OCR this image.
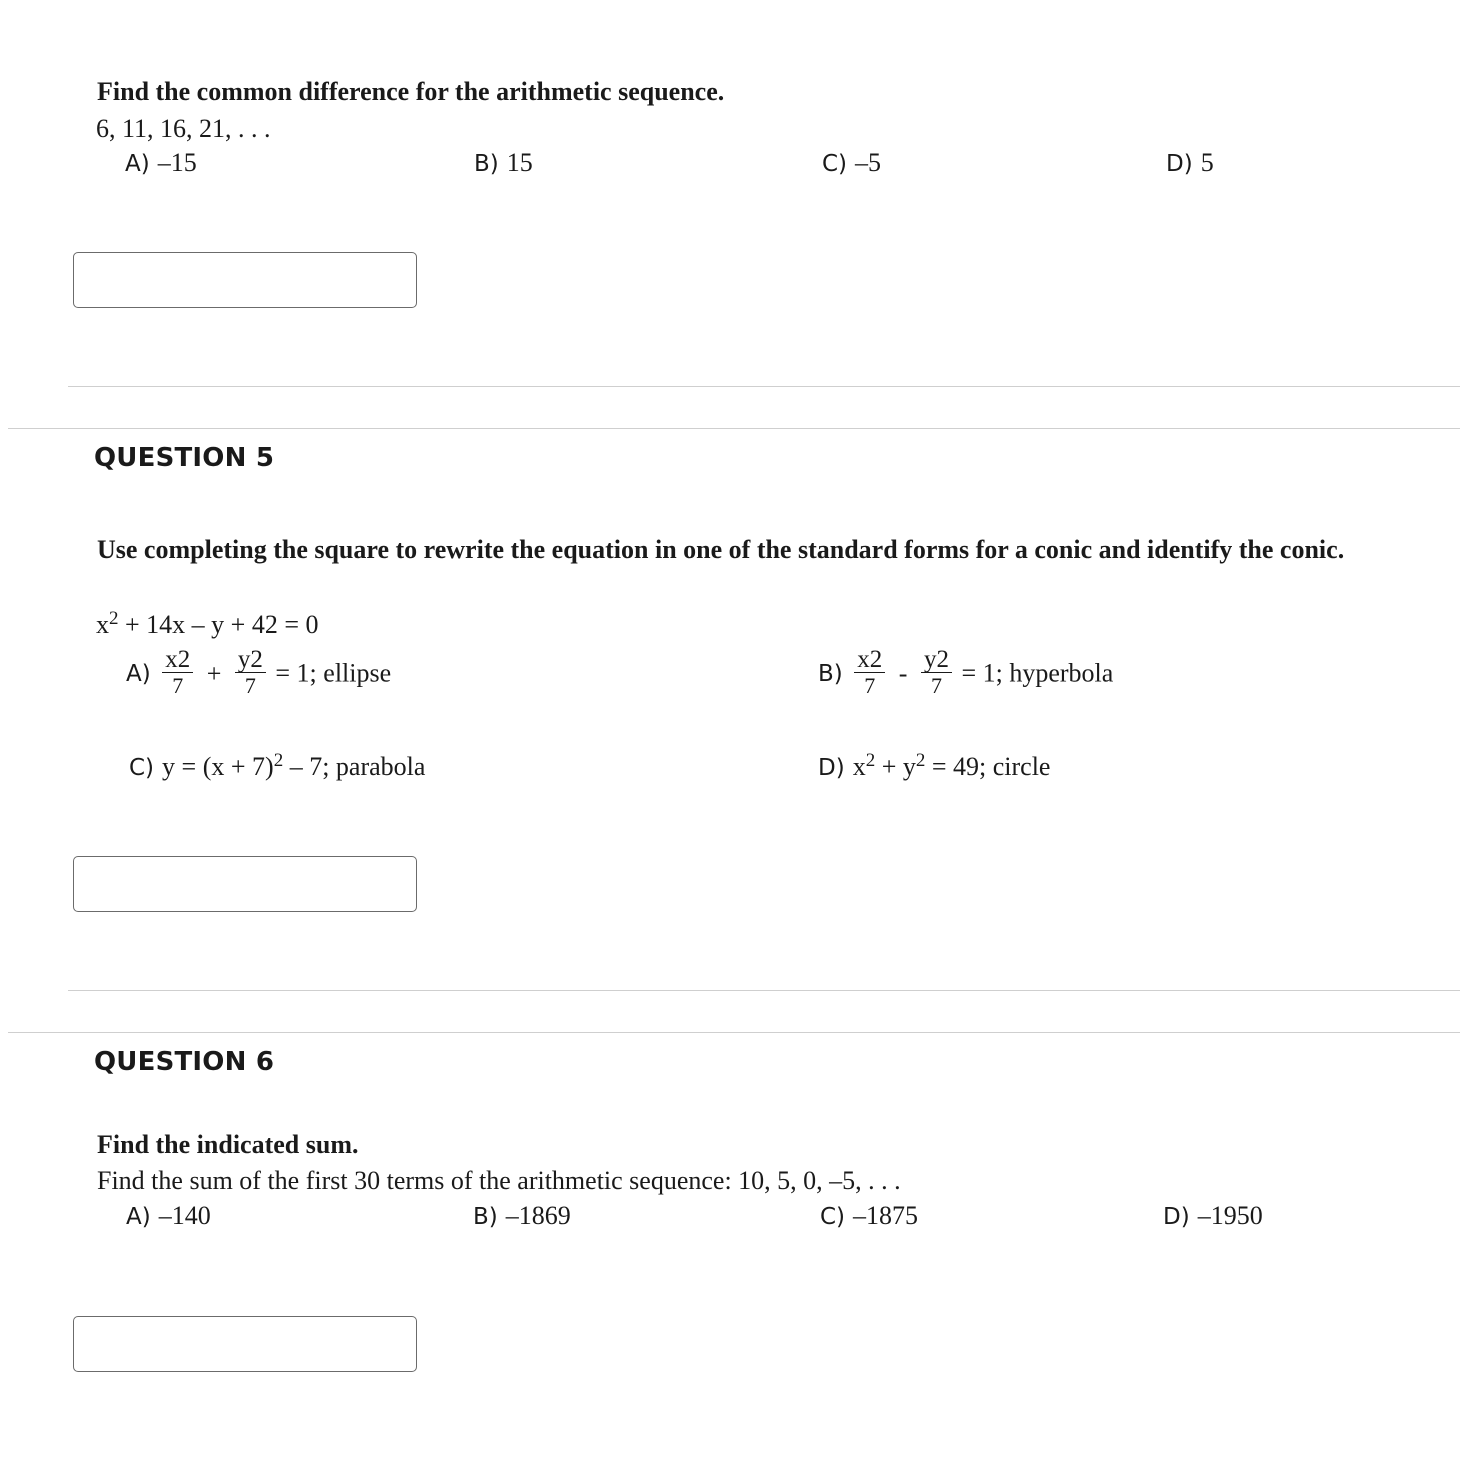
Find the common difference for the arithmetic sequence.
6, 11, 16, 21, . . .
A) –15	B) 15	C) –5	D) 5
QUESTION 5
Use completing the square to rewrite the equation in one of the standard forms for a conic and identify the conic.
$x^2 + 14x - y + 42 = 0$
$A) \frac{x2}{7} + \frac{y2}{7} = 1$; ellipse	$B) \frac{x2}{7} - \frac{y2}{7} = 1$; hyperbola
C) $y = (x + 7)^2 - 7$; parabola	D) $x^2 + y^2 = 49$; circle
QUESTION 6
Find the indicated sum.
Find the sum of the first 30 terms of the arithmetic sequence: 10, 5, 0, –5, . . .
A) –140	B) –1869	C) –1875	D) –1950
